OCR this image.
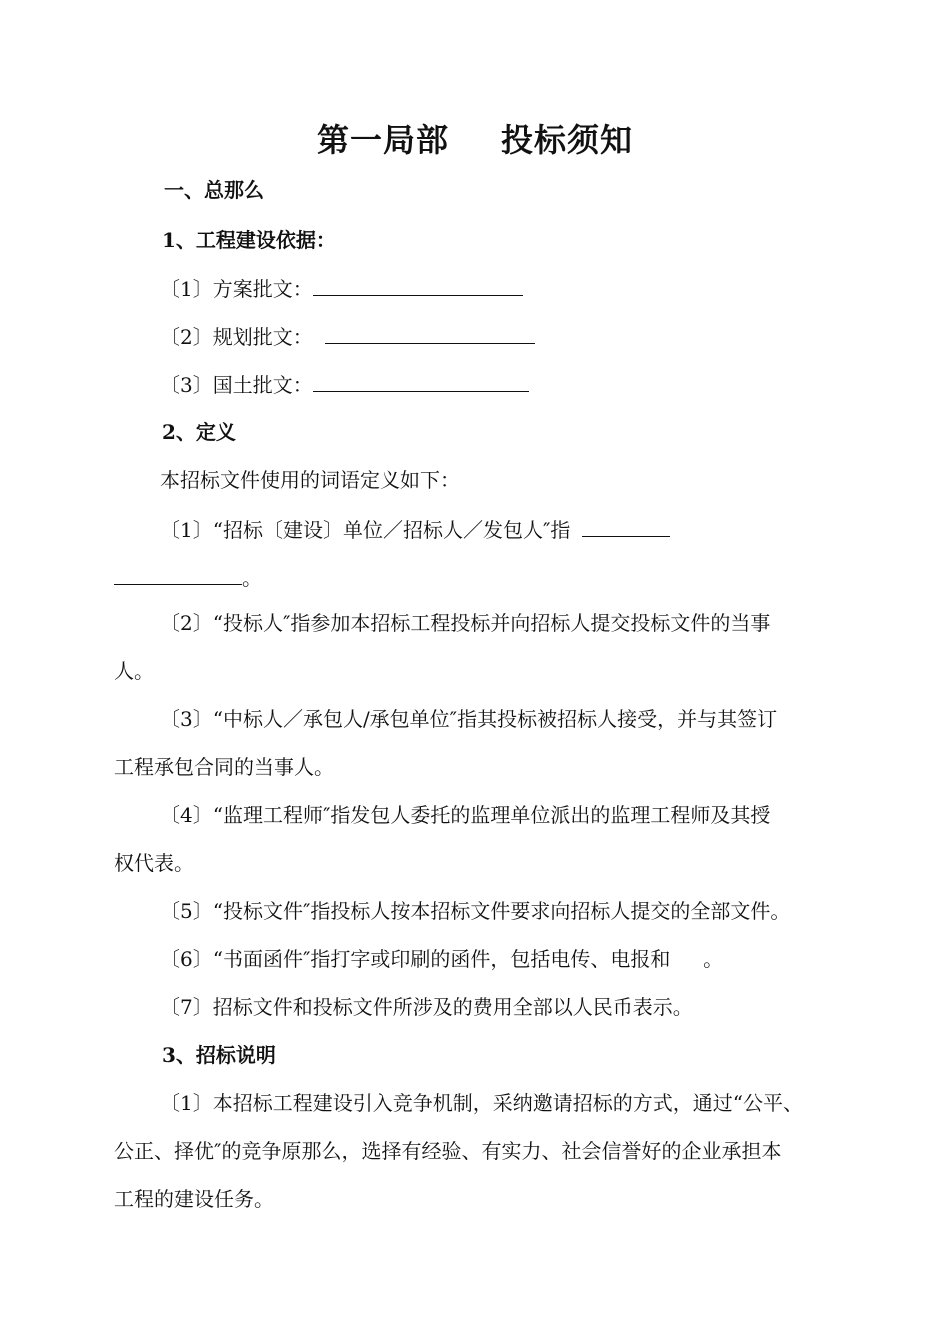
第一局部 投标须知
一、总那么
1、工程建设依据：
〔1〕方案批文：
〔2〕规划批文：
〔3〕国土批文：
2、定义
本招标文件使用的词语定义如下：
〔1〕“招标〔建设〕单位／招标人／发包人″指
。
〔2〕“投标人″指参加本招标工程投标并向招标人提交投标文件的当事
人。
〔3〕“中标人／承包人/承包单位″指其投标被招标人接受，并与其签订
工程承包合同的当事人。
〔4〕“监理工程师″指发包人委托的监理单位派出的监理工程师及其授
权代表。
〔5〕“投标文件″指投标人按本招标文件要求向招标人提交的全部文件。
〔6〕“书面函件″指打字或印刷的函件，包括电传、电报和 　 。
〔7〕招标文件和投标文件所涉及的费用全部以人民币表示。
3、招标说明
〔1〕本招标工程建设引入竞争机制，采纳邀请招标的方式，通过“公平、
公正、择优″的竞争原那么，选择有经验、有实力、社会信誉好的企业承担本
工程的建设任务。
